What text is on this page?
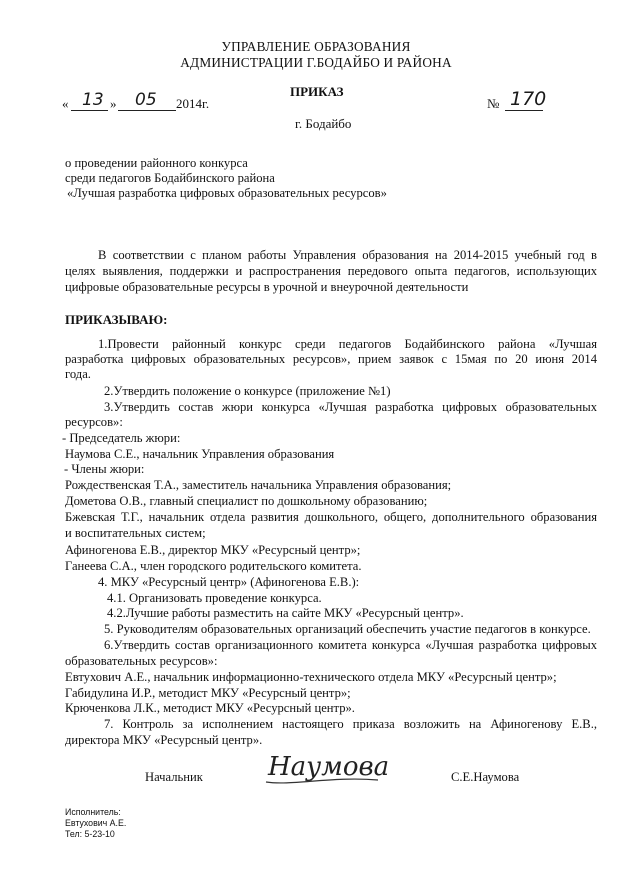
УПРАВЛЕНИЕ ОБРАЗОВАНИЯ
АДМИНИСТРАЦИИ Г.БОДАЙБО И РАЙОНА
ПРИКАЗ
« 13 » 05 2014г.	№ 170
г. Бодайбо
о проведении районного конкурса
среди педагогов Бодайбинского района
«Лучшая разработка цифровых образовательных ресурсов»
В соответствии с планом работы Управления образования на 2014-2015 учебный год в
целях выявления, поддержки и распространения передового опыта педагогов, использующих
цифровые образовательные ресурсы в урочной и внеурочной деятельности
ПРИКАЗЫВАЮ:
1.Провести районный конкурс среди педагогов Бодайбинского района «Лучшая
разработка цифровых образовательных ресурсов», прием заявок с 15мая по 20 июня 2014
года.
2.Утвердить положение о конкурсе (приложение №1)
3.Утвердить состав жюри конкурса «Лучшая разработка цифровых образовательных
ресурсов»:
- Председатель жюри:
Наумова С.Е., начальник Управления образования
- Члены жюри:
Рождественская Т.А., заместитель начальника Управления образования;
Дометова О.В., главный специалист по дошкольному образованию;
Бжевская Т.Г., начальник отдела развития дошкольного, общего, дополнительного образования
и воспитательных систем;
Афиногенова Е.В., директор МКУ «Ресурсный центр»;
Ганеева С.А., член городского родительского комитета.
4. МКУ «Ресурсный центр» (Афиногенова Е.В.):
4.1. Организовать проведение конкурса.
4.2.Лучшие работы разместить на сайте МКУ «Ресурсный центр».
5. Руководителям образовательных организаций обеспечить участие педагогов в конкурсе.
6.Утвердить состав организационного комитета конкурса «Лучшая разработка цифровых
образовательных ресурсов»:
Евтухович А.Е., начальник информационно-технического отдела МКУ «Ресурсный центр»;
Габидулина И.Р., методист МКУ «Ресурсный центр»;
Крюченкова Л.К., методист МКУ «Ресурсный центр».
7. Контроль за исполнением настоящего приказа возложить на Афиногенову Е.В.,
директора МКУ «Ресурсный центр».
Начальник	Наумова	С.Е.Наумова
Исполнитель:
Евтухович А.Е.
Тел: 5-23-10
